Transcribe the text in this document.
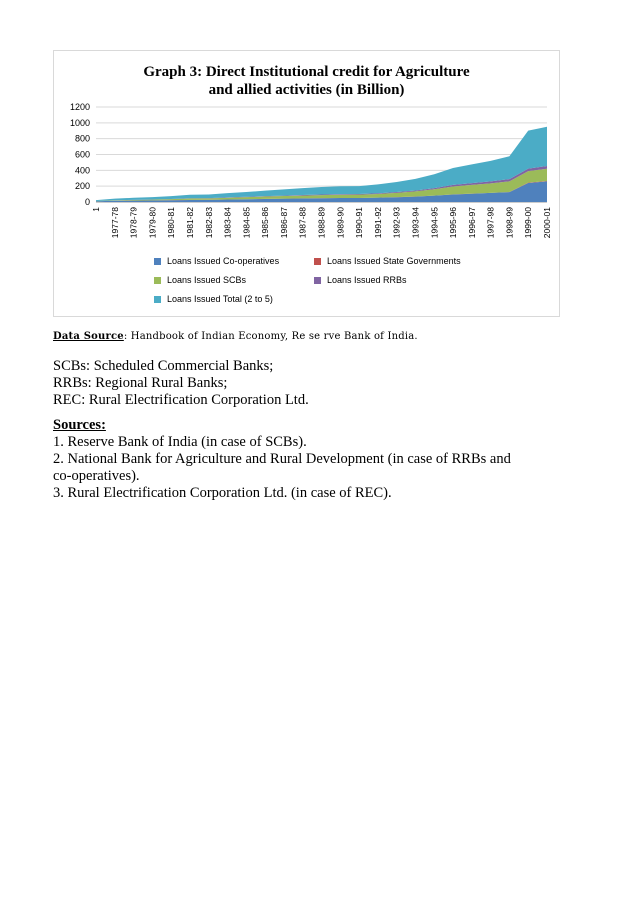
Graph 3: Direct Institutional credit for Agriculture
and allied activities (in Billion)
0
200
400
600
800
1000
1200
1 1977-78 1978-79 1979-80 1980-81 1981-82 1982-83 1983-84 1984-85 1985-86 1986-87 1987-88 1988-89 1989-90 1990-91 1991-92 1992-93 1993-94 1994-95 1995-96 1996-97 1997-98 1998-99 1999-00 2000-01
Loans Issued Co-operatives	Loans Issued State Governments
Loans Issued SCBs	Loans Issued RRBs
Loans Issued Total (2 to 5)
Data Source: Handbook of Indian Economy, Re se rve Bank of India.

SCBs: Scheduled Commercial Banks;

RRBs: Regional Rural Banks;

REC: Rural Electrification Corporation Ltd.

Sources:

1. Reserve Bank of India (in case of SCBs).

2. National Bank for Agriculture and Rural Development (in case of RRBs and

co-operatives).

3. Rural Electrification Corporation Ltd. (in case of REC).
